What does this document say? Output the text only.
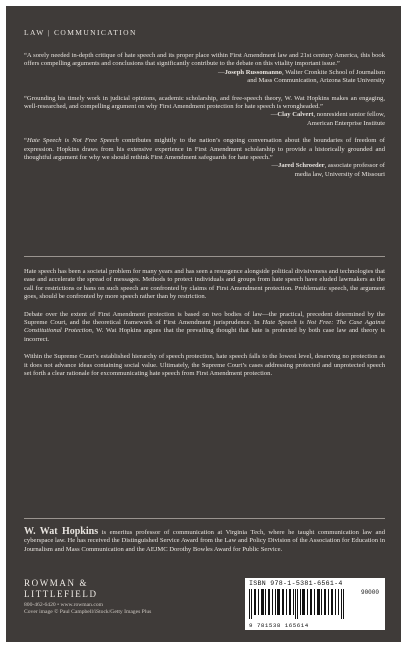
LAW | COMMUNICATION

“A sorely needed in-depth critique of hate speech and its proper place within First Amendment law and 21st century America, this book offers compelling arguments and conclusions that significantly contribute to the debate on this vitality important issue.”

—Joseph Russomanno, Walter Cronkite School of Journalism
and Mass Communication, Arizona State University

“Grounding his timely work in judicial opinions, academic scholarship, and free-speech theory, W. Wat Hopkins makes an engaging, well-researched, and compelling argument on why First Amendment protection for hate speech is wrongheaded.”

—Clay Calvert, nonresident senior fellow,
American Enterprise Institute

“Hate Speech is Not Free Speech contributes mightily to the nation’s ongoing conversation about the boundaries of freedom of expression. Hopkins draws from his extensive experience in First Amendment scholarship to provide a historically grounded and thoughtful argument for why we should rethink First Amendment safeguards for hate speech.”

—Jared Schroeder, associate professor of
media law, University of Missouri

Hate speech has been a societal problem for many years and has seen a resurgence alongside political divisiveness and technologies that ease and accelerate the spread of messages. Methods to protect individuals and groups from hate speech have eluded lawmakers as the call for restrictions or bans on such speech are confronted by claims of First Amendment protection. Problematic speech, the argument goes, should be confronted by more speech rather than by restriction.

Debate over the extent of First Amendment protection is based on two bodies of law—the practical, precedent determined by the Supreme Court, and the theoretical framework of First Amendment jurisprudence. In Hate Speech is Not Free: The Case Against Constitutional Protection, W. Wat Hopkins argues that the prevailing thought that hate is protected by both case law and theory is incorrect.

Within the Supreme Court’s established hierarchy of speech protection, hate speech falls to the lowest level, deserving no protection as it does not advance ideas containing social value. Ultimately, the Supreme Court’s cases addressing protected and unprotected speech set forth a clear rationale for excommunicating hate speech from First Amendment protection.

W. Wat Hopkins is emeritus professor of communication at Virginia Tech, where he taught communication law and cyberspace law. He has received the Distinguished Service Award from the Law and Policy Division of the Association for Education in Journalism and Mass Communication and the AEJMC Dorothy Bowles Award for Public Service.
ROWMAN &
LITTLEFIELD
800-462-6420 • www.rowman.com
Cover image © Paul Campbell/iStock/Getty Images Plus
ISBN 978-1-5381-6561-4
90000
9 781538 165614
